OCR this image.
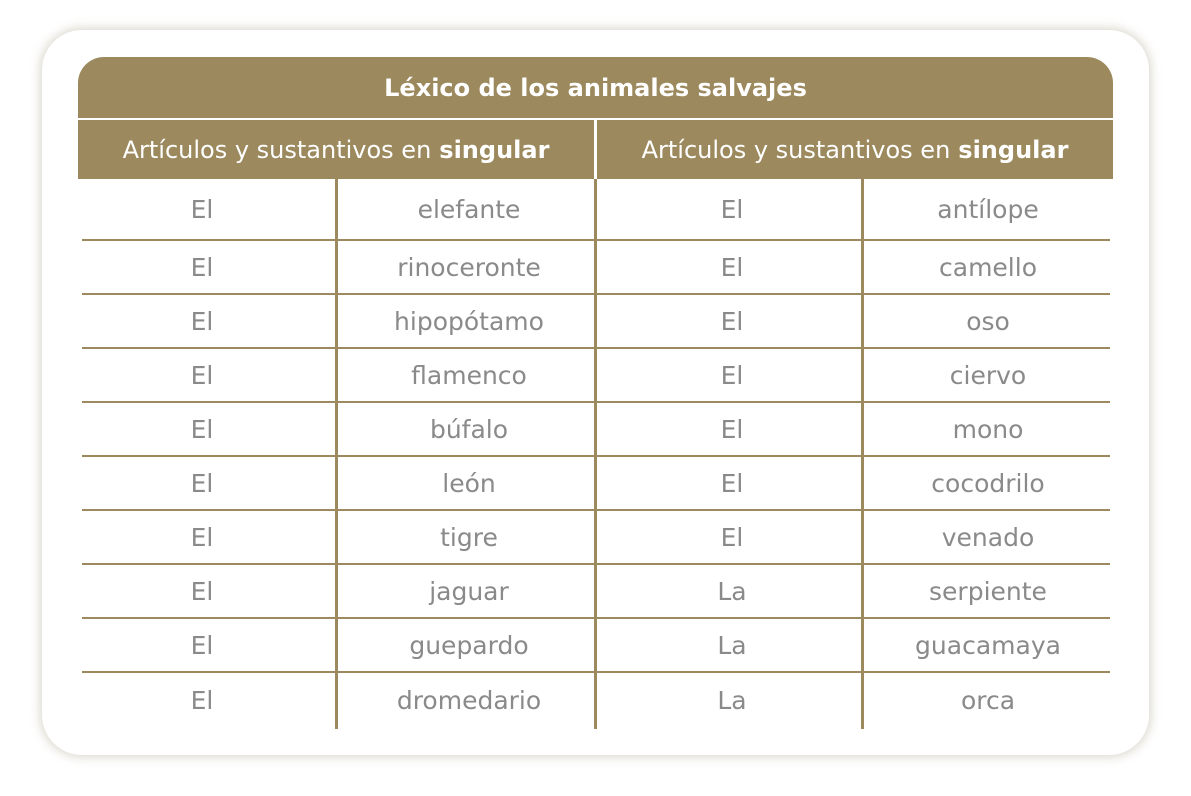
Léxico de los animales salvajes
Artículos y sustantivos en singular	Artículos y sustantivos en singular
El	elefante	El	antílope
El	rinoceronte	El	camello
El	hipopótamo	El	oso
El	flamenco	El	ciervo
El	búfalo	El	mono
El	león	El	cocodrilo
El	tigre	El	venado
El	jaguar	La	serpiente
El	guepardo	La	guacamaya
El	dromedario	La	orca
